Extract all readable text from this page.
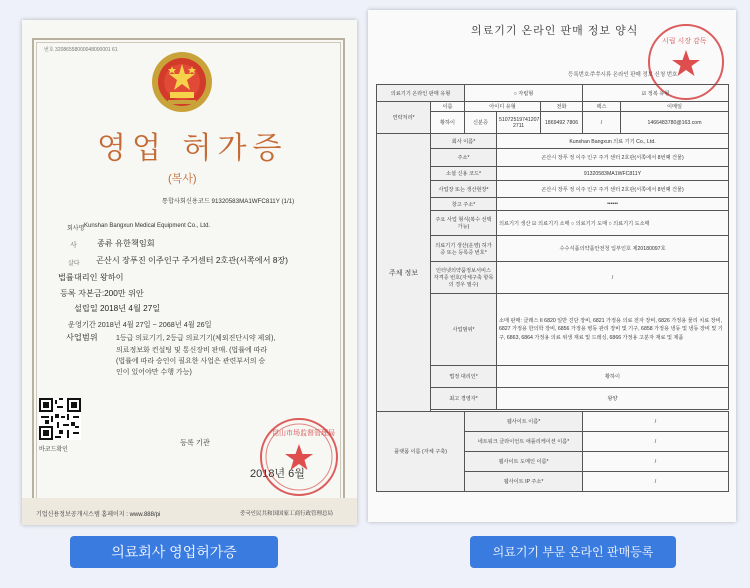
번호 32086558000048000001 61
영업 허가증
(복사)
통합사회신용코드 91320583MA1WFC811Y (1/1)
회사명 Kunshan Bangxun Medical Equipment Co., Ltd.
사 종류 유한책임회
살다 곤산시 장푸진 이주인구 주거센터 2호관(서쪽에서 8장)
법률대리인 왕하이
등록 자본금:200만 위안
설립일 2018년 4월 27일
운영기간 2018년 4월 27일 ~ 2068년 4월 26일
사업범위	1등급 의료기기, 2등급 의료기기(체외진단시약 제외),
의료정보화 컨설팅 및 통신장비 판매. (법률에 따라
(법률에 따라 승인이 필요한 사업은 관련부서의 승
인이 있어야만 수행 가능)
등록 기관
2018년 6월
바코드확인
昆山市场监督管理局
기업신용정보공개시스템 홈페이지 : www.888/pi	중국인民共和国国家工商行政管理总局
의료기기 온라인 판매 정보 양식
등록번호: 쑤쑤시류 온라인 판매 정보 신청 번호
시립 시장 감독
의료기기 온라인 판매 유형		○ 자립형			☑ 정복 유형	
연락처리*	이름	아이디 유형		전화	팩스	이메일
	황하이	신분증	51072519741207 2711	1869492 7806	/	1466483780@163.com
주체 정보	회사 이름*		Kunshan Bangxun 의료 기기 Co., Ltd.			
	주소*		곤산시 장푸 정 이주 인구 주거 센터 2호관(서쪽에서 8번째 건물)			
	소셜 신용 코드*		91320583MA1WFC811Y			
	사업장 또는 생산현장*		곤산시 장푸 정 이주 인구 주거 센터 2호관(서쪽에서 8번째 건물)			
	창고 주소*		••••••			
	주요 사업 형식(복수 선택 가능)		의료기기 생산 ☑ 의료기기 소매 ○ 의료기기 도매 ○ 의료기기 도소매			
	의료기기 생산(운영) 허가증 또는 등록증 번호*		수수식품의약품안전청 입부인호 제20180097호			
	인터넷의약품정보서비스 자격증 번호(자체구축 항목의 경우 필수)		/			
	사업범위*		소매 판매: 클래스 II 6820 일반 진단 장비, 6821 가정용 의료 전자 장비, 6826 가정용 물리 치료 장비, 6827 가정용 한의학 장비, 6856 가정용 병동 관리 장비 및 기구, 6858 가정용 냉동 및 냉동 장비 및 기구, 6863, 6864 가정용 의료 위생 재료 및 드레싱, 6866 가정용 고분자 재료 및 제품			
	법정 대리인*		황하이			
	최고 경영자*		왕양			

플랫폼 이름 (자체 구축)		웹사이트 이름*			/	
		네트워크 클라이언트 애플리케이션 이름*			/	
		웹사이트 도메인 이름*			/	
		웹사이트 IP 주소*			/	
의료회사 영업허가증	의료기기 부문 온라인 판매등록
